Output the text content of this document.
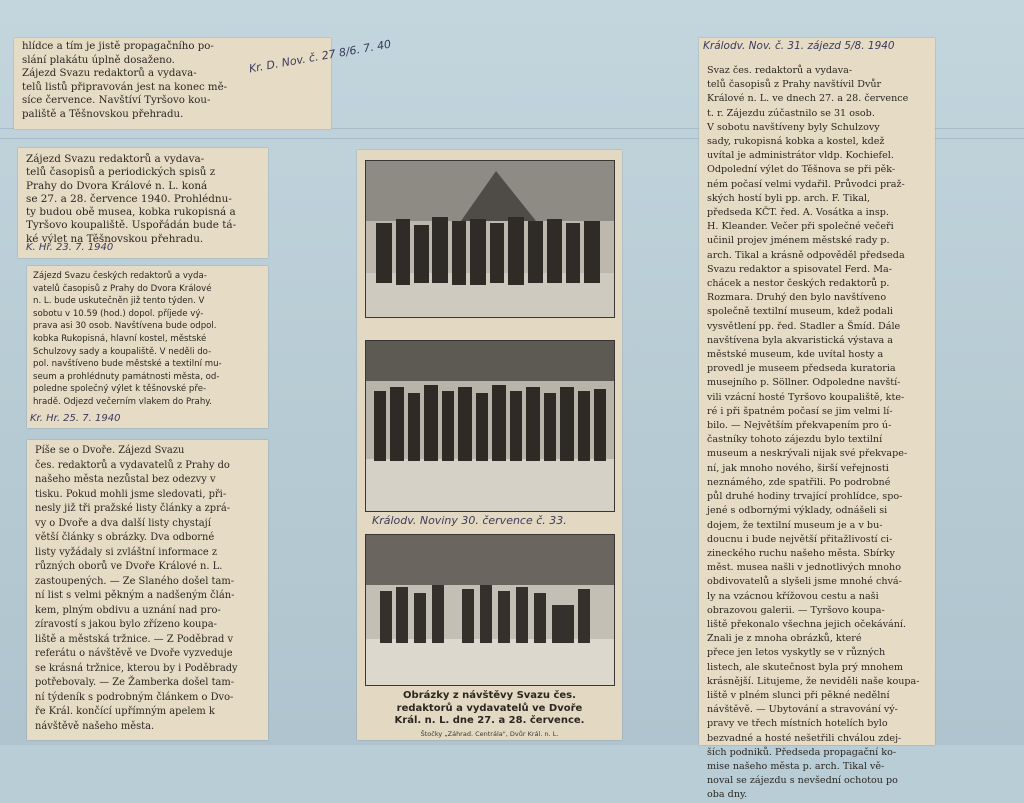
hlídce a tím je jistě propagačního po-
slání plakátu úplně dosaženo.
Zájezd Svazu redaktorů a vydava-
telů listů připravován jest na konec mě-
síce července. Navštíví Tyršovo kou-
paliště a Těšnovskou přehradu.

Kr. D. Nov. č. 27 8/6. 7. 40

Zájezd Svazu redaktorů a vydava-
telů časopisů a periodických spisů z
Prahy do Dvora Králové n. L. koná
se 27. a 28. července 1940. Prohlédnu-
ty budou obě musea, kobka rukopisná a
Tyršovo koupaliště. Uspořádán bude tá-
ké výlet na Těšnovskou přehradu.

K. Hr. 23. 7. 1940

Zájezd Svazu českých redaktorů a vyda-
vatelů časopisů z Prahy do Dvora Králové
n. L. bude uskutečněn již tento týden. V
sobotu v 10.59 (hod.) dopol. příjede vý-
prava asi 30 osob. Navštívena bude odpol.
kobka Rukopisná, hlavní kostel, městské
Schulzovy sady a koupaliště. V neděli do-
pol. navštíveno bude městské a textilní mu-
seum a prohlédnuty památnosti města, od-
poledne společný výlet k těšnovské pře-
hradě. Odjezd večerním vlakem do Prahy.

Kr. Hr. 25. 7. 1940

Píše se o Dvoře. Zájezd Svazu
čes. redaktorů a vydavatelů z Prahy do
našeho města nezůstal bez odezvy v
tisku. Pokud mohli jsme sledovati, při-
nesly již tři pražské listy články a zprá-
vy o Dvoře a dva další listy chystají
větší články s obrázky. Dva odborné
listy vyžádaly si zvláštní informace z
různých oborů ve Dvoře Králové n. L.
zastoupených. — Ze Slaného došel tam-
ní list s velmi pěkným a nadšeným člán-
kem, plným obdivu a uznání nad pro-
zíravostí s jakou bylo zřízeno koupa-
liště a městská tržnice. — Z Poděbrad v
referátu o návštěvě ve Dvoře vyzvedujе
se krásná tržnice, kterou by i Poděbrady
potřebovaly. — Ze Žamberka došel tam-
ní týdeník s podrobným článkem o Dvo-
ře Král. končící upřímným apelem k
návštěvě našeho města.

Králodv. Noviny 30. července č. 33.
Obrázky z návštěvy Svazu čes.
redaktorů a vydavatelů ve Dvoře
Král. n. L. dne 27. a 28. července.
Štočky „Záhrad. Centrála", Dvůr Král. n. L.

Svaz čes. redaktorů a vydava-
telů časopisů z Prahy navštívil Dvůr
Králové n. L. ve dnech 27. a 28. července
t. r. Zájezdu zúčastnilo se 31 osob.
V sobotu navštíveny byly Schulzovy
sady, rukopisná kobka a kostel, kdež
uvítal je administrátor vldp. Kochiefel.
Odpolední výlet do Těšnova se při pěk-
ném počasí velmi vydařil. Průvodci praž-
ských hostí byli pp. arch. F. Tikal,
předseda KČT. řed. A. Vosátka a insp.
H. Kleander. Večer při společné večeři
učinil projev jménem městské rady p.
arch. Tikal a krásně odpověděl předseda
Svazu redaktor a spisovatel Ferd. Ma-
chácek a nestor českých redaktorů p.
Rozmara. Druhý den bylo navštíveno
společně textilní museum, kdež podali
vysvětlení pp. řed. Stadler a Šmíd. Dále
navštívena byla akvaristická výstava a
městské museum, kde uvítal hosty a
provedl je museem předseda kuratoria
musejního p. Söllner. Odpoledne navští-
vili vzácní hosté Tyršovo koupaliště, kte-
ré i při špatném počasí se jim velmi lí-
bilo. — Největším překvapením pro ú-
častníky tohoto zájezdu bylo textilní
museum a neskrývali nijak své překvape-
ní, jak mnoho nového, širší veřejnosti
neznámého, zde spatřili. Po podrobné
půl druhé hodiny trvající prohlídce, spo-
jené s odbornými výklady, odnášeli si
dojem, že textilní museum je a v bu-
doucnu i bude největší přitažlivostí ci-
zineckého ruchu našeho města. Sbírky
měst. musea našli v jednotlivých mnoho
obdivovatelů a slyšeli jsme mnohé chvá-
ly na vzácnou křížovou cestu a naši
obrazovou galerii. — Tyršovo koupa-
liště překonalo všechna jejich očekávání.
Znali je z mnoha obrázků, které
přece jen letos vyskytly se v různých
listech, ale skutečnost byla prý mnohem
krásnější. Litujeme, že neviděli naše koupa-
liště v plném slunci při pěkné nedělní
návštěvě. — Ubytování a stravování vý-
pravy ve třech místních hotelích bylo
bezvadné a hosté nešetřili chválou zdej-
ších podniků. Předseda propagační ko-
mise našeho města p. arch. Tikal vě-
noval se zájezdu s nevšední ochotou po
oba dny.

Králodv. Nov. č. 31. zájezd 5/8. 1940
